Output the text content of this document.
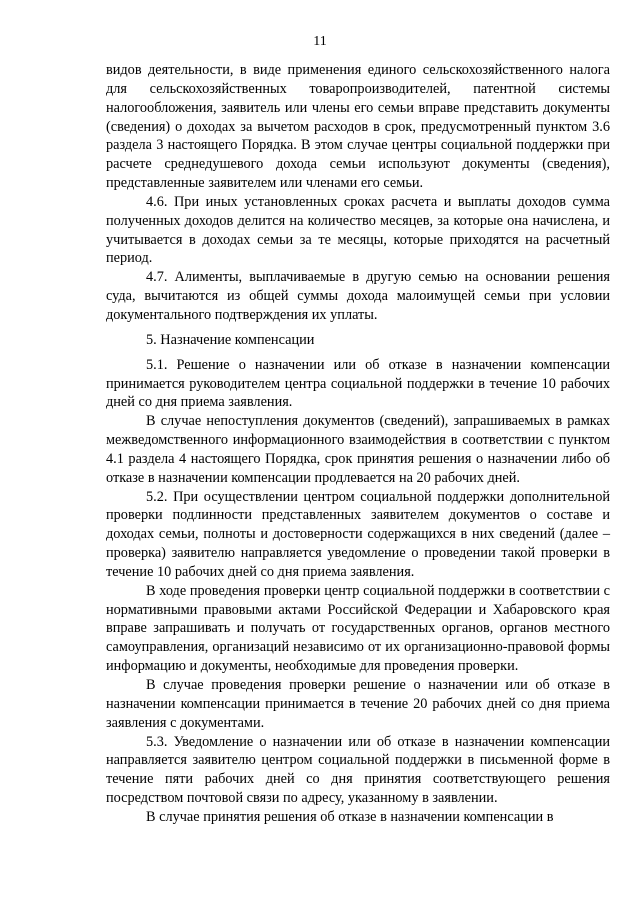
11

видов деятельности, в виде применения единого сельскохозяйственного налога для сельскохозяйственных товаропроизводителей, патентной системы налогообложения, заявитель или члены его семьи вправе представить документы (сведения) о доходах за вычетом расходов в срок, предусмотренный пунктом 3.6 раздела 3 настоящего Порядка. В этом случае центры социальной поддержки при расчете среднедушевого дохода семьи используют документы (сведения), представленные заявителем или членами его семьи.

4.6. При иных установленных сроках расчета и выплаты доходов сумма полученных доходов делится на количество месяцев, за которые она начислена, и учитывается в доходах семьи за те месяцы, которые приходятся на расчетный период.

4.7. Алименты, выплачиваемые в другую семью на основании решения суда, вычитаются из общей суммы дохода малоимущей семьи при условии документального подтверждения их уплаты.

5. Назначение компенсации

5.1. Решение о назначении или об отказе в назначении компенсации принимается руководителем центра социальной поддержки в течение 10 рабочих дней со дня приема заявления.

В случае непоступления документов (сведений), запрашиваемых в рамках межведомственного информационного взаимодействия в соответствии с пунктом 4.1 раздела 4 настоящего Порядка, срок принятия решения о назначении либо об отказе в назначении компенсации продлевается на 20 рабочих дней.

5.2. При осуществлении центром социальной поддержки дополнительной проверки подлинности представленных заявителем документов о составе и доходах семьи, полноты и достоверности содержащихся в них сведений (далее – проверка) заявителю направляется уведомление о проведении такой проверки в течение 10 рабочих дней со дня приема заявления.

В ходе проведения проверки центр социальной поддержки в соответствии с нормативными правовыми актами Российской Федерации и Хабаровского края вправе запрашивать и получать от государственных органов, органов местного самоуправления, организаций независимо от их организационно-правовой формы информацию и документы, необходимые для проведения проверки.

В случае проведения проверки решение о назначении или об отказе в назначении компенсации принимается в течение 20 рабочих дней со дня приема заявления с документами.

5.3. Уведомление о назначении или об отказе в назначении компенсации направляется заявителю центром социальной поддержки в письменной форме в течение пяти рабочих дней со дня принятия соответствующего решения посредством почтовой связи по адресу, указанному в заявлении.

В случае принятия решения об отказе в назначении компенсации в
